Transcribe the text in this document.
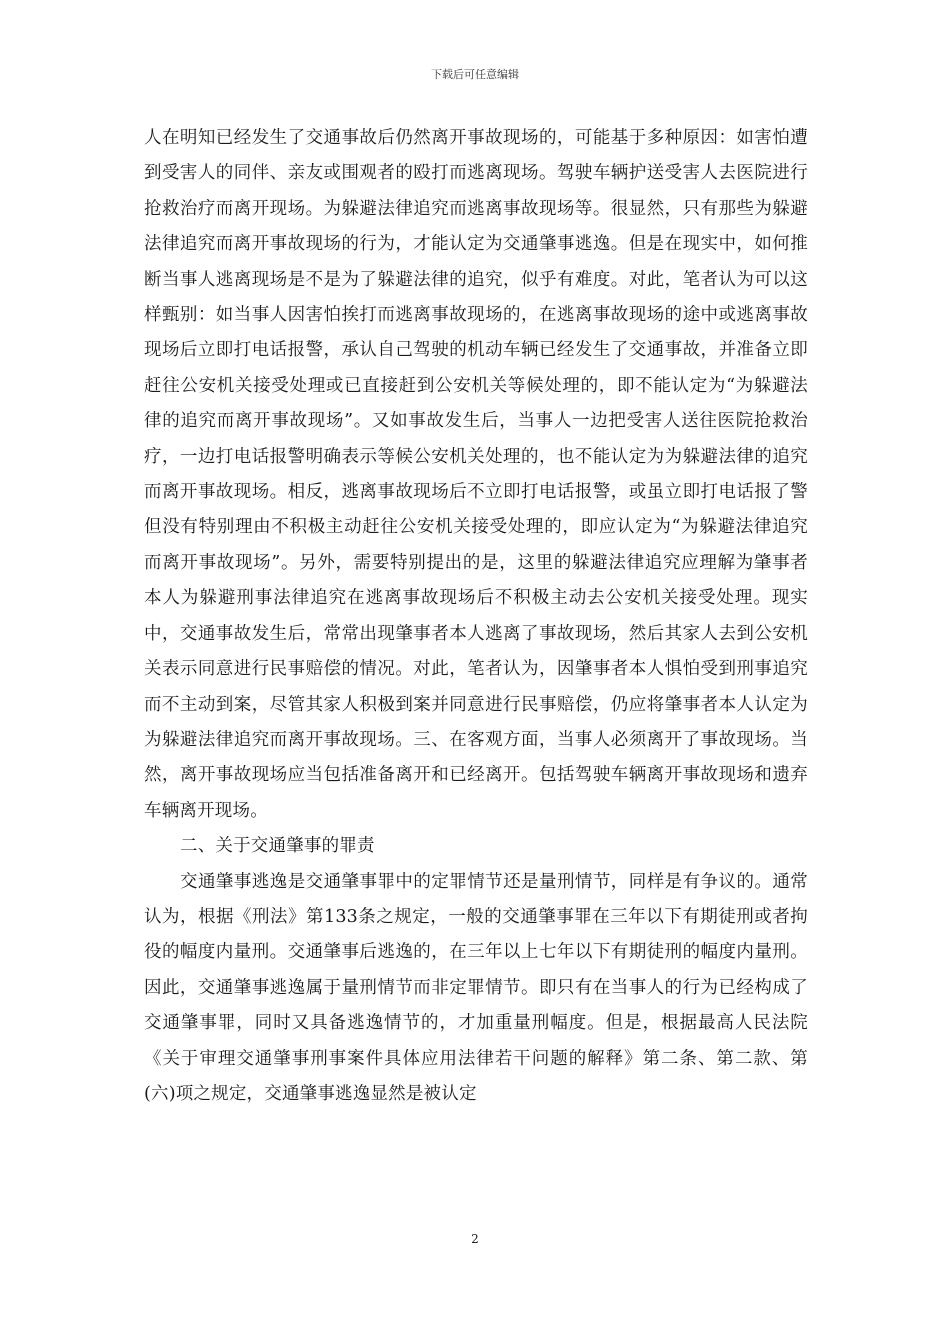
下载后可任意编辑

人在明知已经发生了交通事故后仍然离开事故现场的，可能基于多种原因：如害怕遭到受害人的同伴、亲友或围观者的殴打而逃离现场。驾驶车辆护送受害人去医院进行抢救治疗而离开现场。为躲避法律追究而逃离事故现场等。很显然，只有那些为躲避法律追究而离开事故现场的行为，才能认定为交通肇事逃逸。但是在现实中，如何推断当事人逃离现场是不是为了躲避法律的追究，似乎有难度。对此，笔者认为可以这样甄别：如当事人因害怕挨打而逃离事故现场的，在逃离事故现场的途中或逃离事故现场后立即打电话报警，承认自己驾驶的机动车辆已经发生了交通事故，并准备立即赶往公安机关接受处理或已直接赶到公安机关等候处理的，即不能认定为“为躲避法律的追究而离开事故现场”。又如事故发生后，当事人一边把受害人送往医院抢救治疗，一边打电话报警明确表示等候公安机关处理的，也不能认定为为躲避法律的追究而离开事故现场。相反，逃离事故现场后不立即打电话报警，或虽立即打电话报了警但没有特别理由不积极主动赶往公安机关接受处理的，即应认定为“为躲避法律追究而离开事故现场”。另外，需要特别提出的是，这里的躲避法律追究应理解为肇事者本人为躲避刑事法律追究在逃离事故现场后不积极主动去公安机关接受处理。现实中，交通事故发生后，常常出现肇事者本人逃离了事故现场，然后其家人去到公安机关表示同意进行民事赔偿的情况。对此，笔者认为，因肇事者本人惧怕受到刑事追究而不主动到案，尽管其家人积极到案并同意进行民事赔偿，仍应将肇事者本人认定为为躲避法律追究而离开事故现场。三、在客观方面，当事人必须离开了事故现场。当然，离开事故现场应当包括准备离开和已经离开。包括驾驶车辆离开事故现场和遗弃车辆离开现场。

二、关于交通肇事的罪责

交通肇事逃逸是交通肇事罪中的定罪情节还是量刑情节，同样是有争议的。通常认为，根据《刑法》第133条之规定，一般的交通肇事罪在三年以下有期徒刑或者拘役的幅度内量刑。交通肇事后逃逸的，在三年以上七年以下有期徒刑的幅度内量刑。因此，交通肇事逃逸属于量刑情节而非定罪情节。即只有在当事人的行为已经构成了交通肇事罪，同时又具备逃逸情节的，才加重量刑幅度。但是，根据最高人民法院《关于审理交通肇事刑事案件具体应用法律若干问题的解释》第二条、第二款、第(六)项之规定，交通肇事逃逸显然是被认定

2
